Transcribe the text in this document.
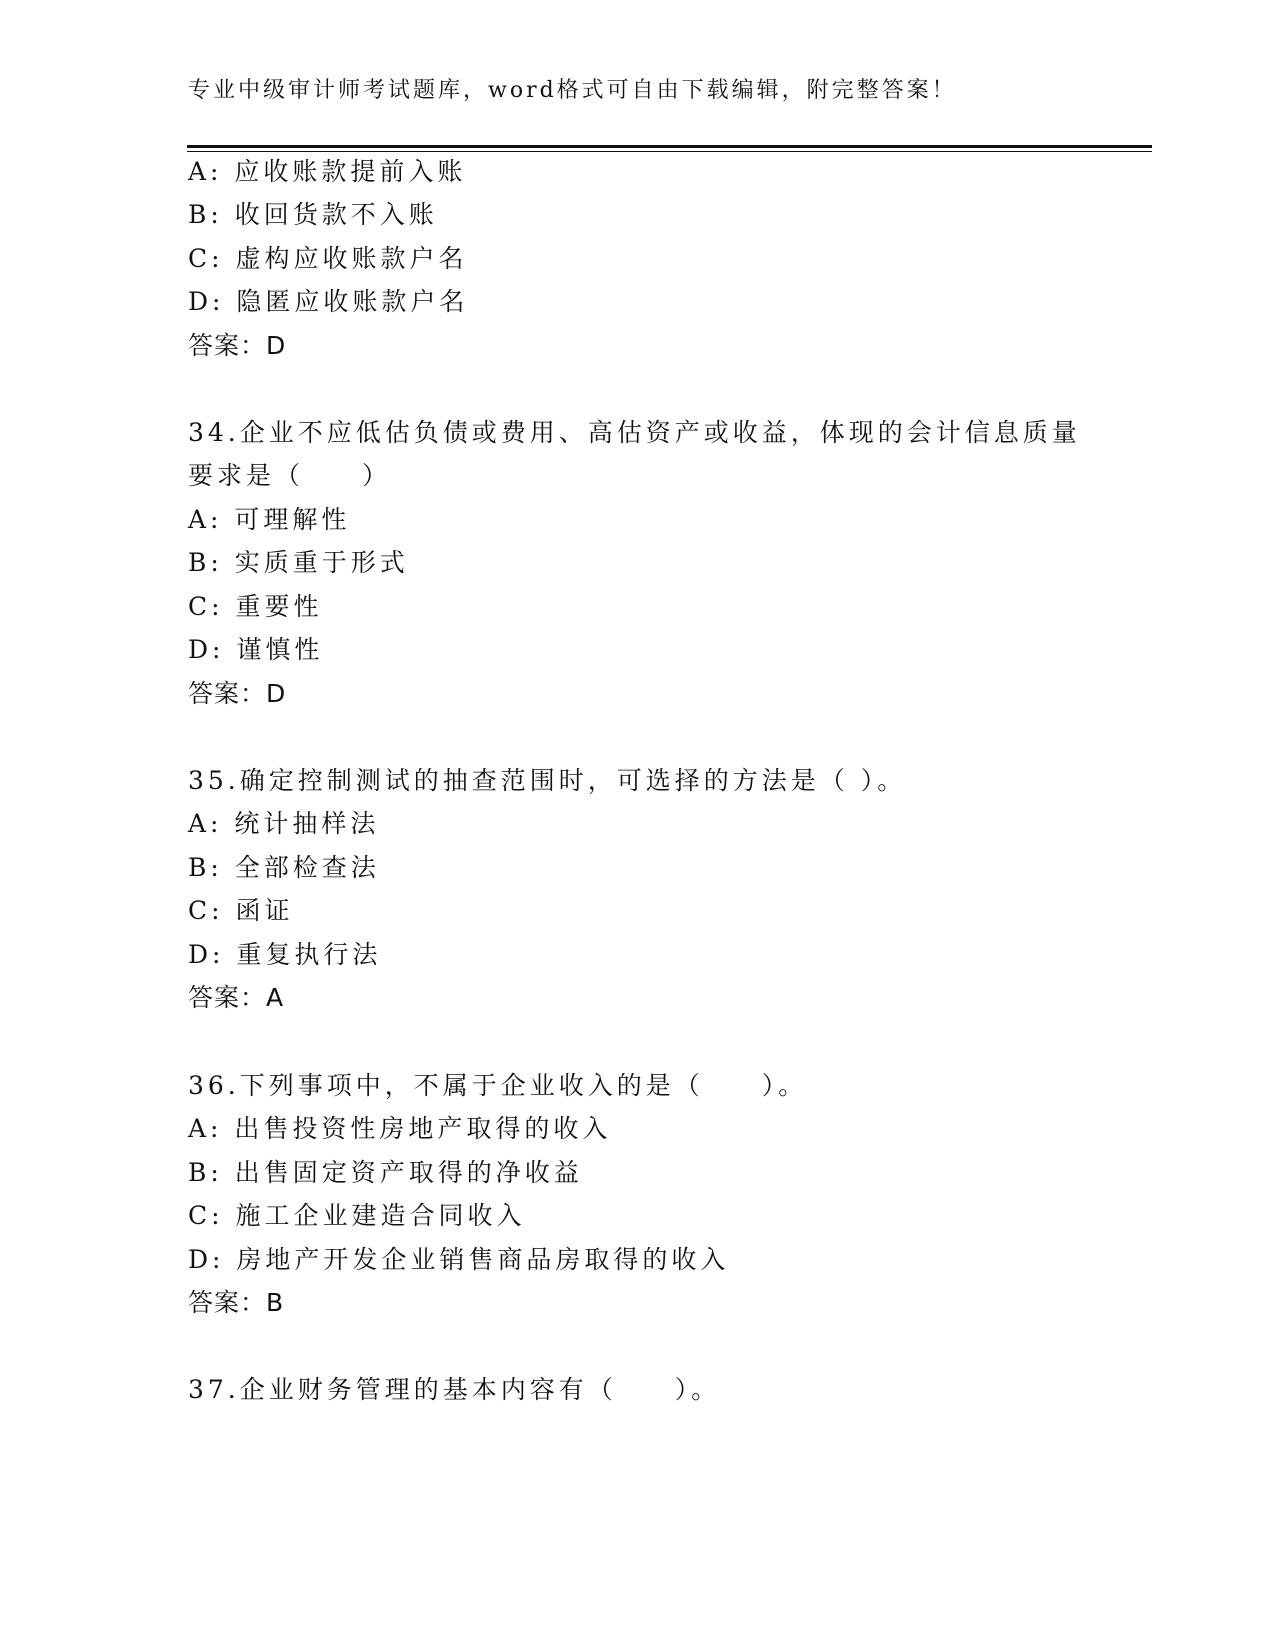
专业中级审计师考试题库，word格式可自由下载编辑，附完整答案！
A: 应收账款提前入账
B: 收回货款不入账
C: 虚构应收账款户名
D: 隐匿应收账款户名
答案：D
34.企业不应低估负债或费用、高估资产或收益，体现的会计信息质量
要求是（　　）
A: 可理解性
B: 实质重于形式
C: 重要性
D: 谨慎性
答案：D
35.确定控制测试的抽查范围时，可选择的方法是（ ）。
A: 统计抽样法
B: 全部检查法
C: 函证
D: 重复执行法
答案：A
36.下列事项中，不属于企业收入的是（　　）。
A: 出售投资性房地产取得的收入
B: 出售固定资产取得的净收益
C: 施工企业建造合同收入
D: 房地产开发企业销售商品房取得的收入
答案：B
37.企业财务管理的基本内容有（　　）。
